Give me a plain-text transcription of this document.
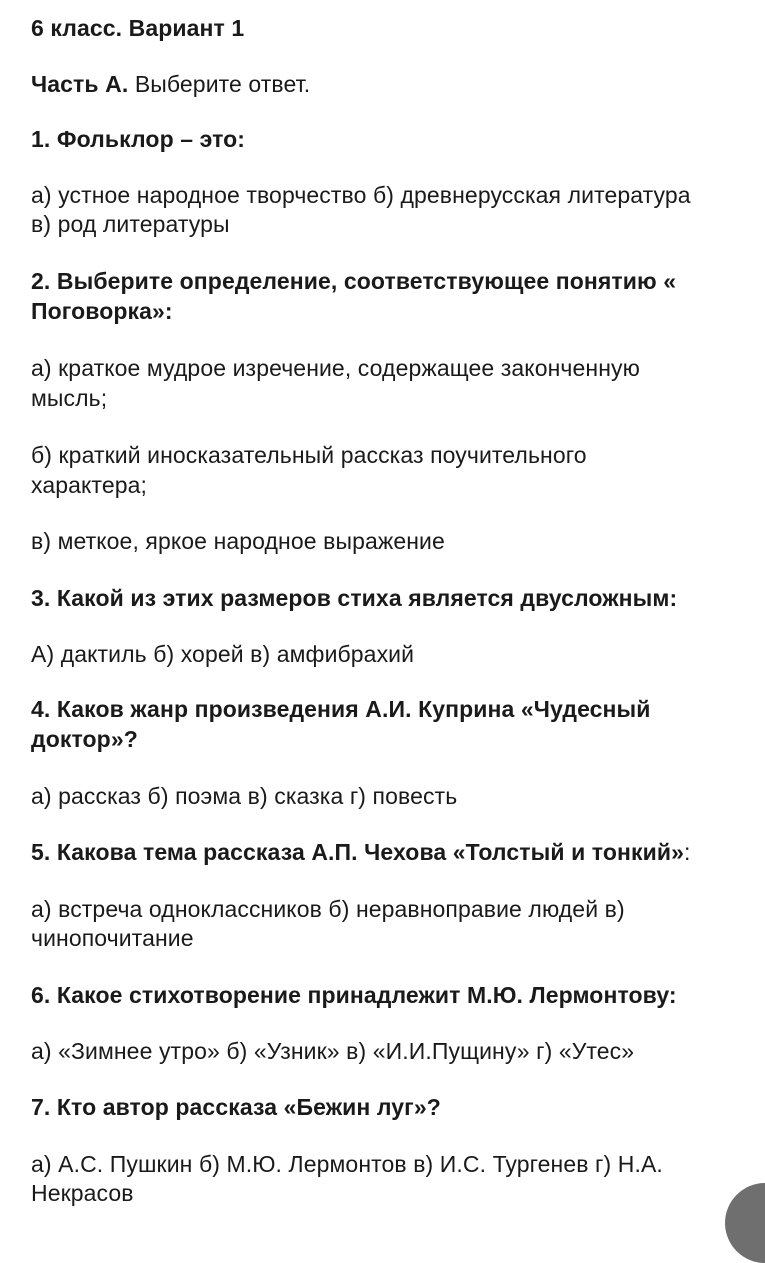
6 класс. Вариант 1
Часть А. Выберите ответ.
1. Фольклор – это:
а) устное народное творчество б) древнерусская литература
в) род литературы
2. Выберите определение, соответствующее понятию «
Поговорка»:
а) краткое мудрое изречение, содержащее законченную
мысль;
б) краткий иносказательный рассказ поучительного
характера;
в) меткое, яркое народное выражение
3. Какой из этих размеров стиха является двусложным:
А) дактиль б) хорей в) амфибрахий
4. Каков жанр произведения А.И. Куприна «Чудесный
доктор»?
а) рассказ б) поэма в) сказка г) повесть
5. Какова тема рассказа А.П. Чехова «Толстый и тонкий»:
а) встреча одноклассников б) неравноправие людей в)
чинопочитание
6. Какое стихотворение принадлежит М.Ю. Лермонтову:
а) «Зимнее утро» б) «Узник» в) «И.И.Пущину» г) «Утес»
7. Кто автор рассказа «Бежин луг»?
а) А.С. Пушкин б) М.Ю. Лермонтов в) И.С. Тургенев г) Н.А.
Некрасов
